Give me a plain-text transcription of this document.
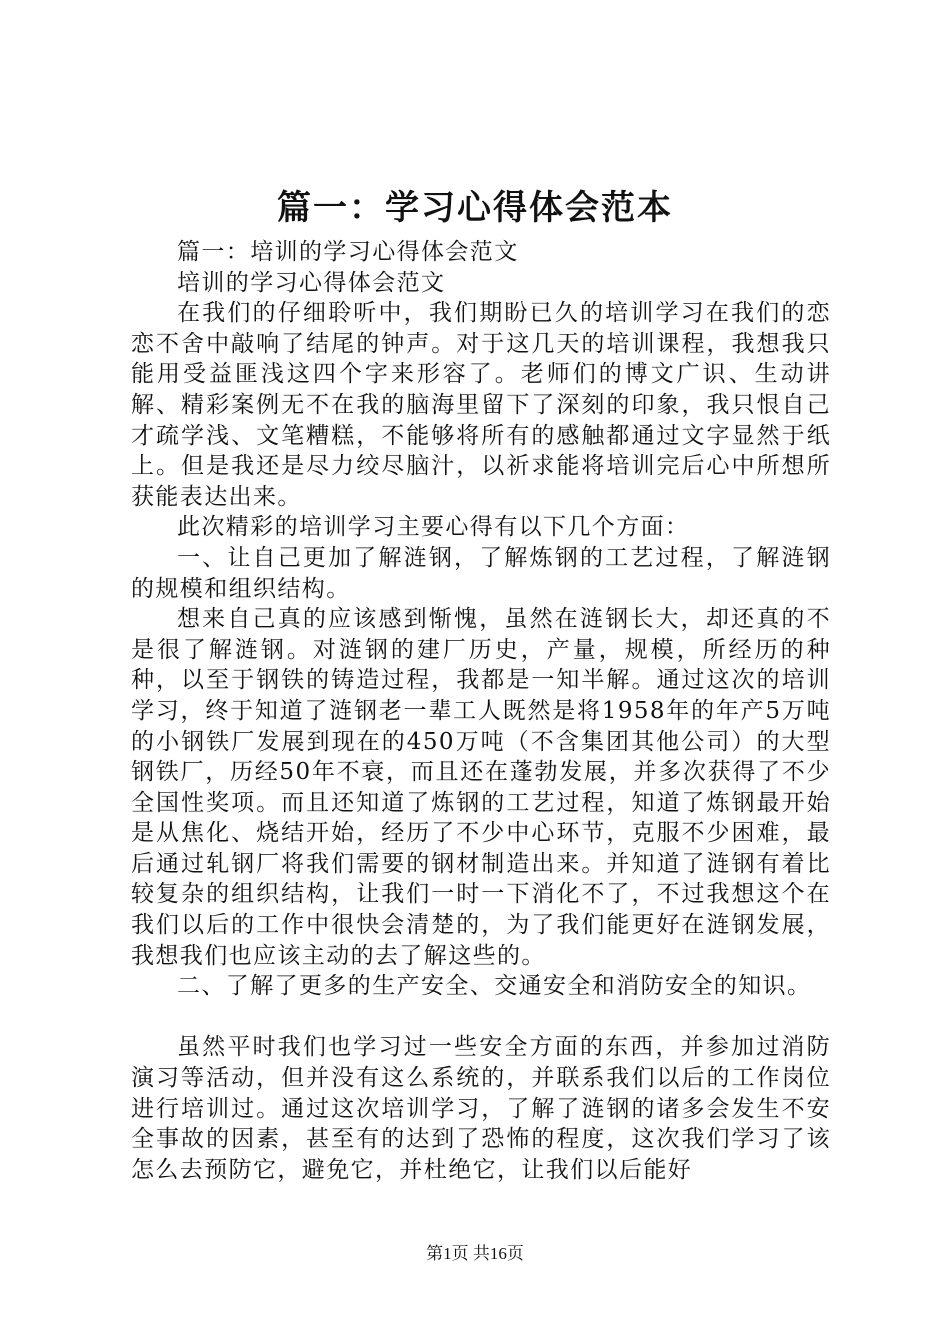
篇一：学习心得体会范本

篇一：培训的学习心得体会范文

培训的学习心得体会范文

在我们的仔细聆听中，我们期盼已久的培训学习在我们的恋恋不舍中敲响了结尾的钟声。对于这几天的培训课程，我想我只能用受益匪浅这四个字来形容了。老师们的博文广识、生动讲解、精彩案例无不在我的脑海里留下了深刻的印象，我只恨自己才疏学浅、文笔糟糕，不能够将所有的感触都通过文字显然于纸上。但是我还是尽力绞尽脑汁，以祈求能将培训完后心中所想所获能表达出来。

此次精彩的培训学习主要心得有以下几个方面：

一、让自己更加了解涟钢，了解炼钢的工艺过程，了解涟钢的规模和组织结构。

想来自己真的应该感到惭愧，虽然在涟钢长大，却还真的不是很了解涟钢。对涟钢的建厂历史，产量，规模，所经历的种种，以至于钢铁的铸造过程，我都是一知半解。通过这次的培训学习，终于知道了涟钢老一辈工人既然是将1958年的年产5万吨的小钢铁厂发展到现在的450万吨（不含集团其他公司）的大型钢铁厂，历经50年不衰，而且还在蓬勃发展，并多次获得了不少全国性奖项。而且还知道了炼钢的工艺过程，知道了炼钢最开始是从焦化、烧结开始，经历了不少中心环节，克服不少困难，最后通过轧钢厂将我们需要的钢材制造出来。并知道了涟钢有着比较复杂的组织结构，让我们一时一下消化不了，不过我想这个在我们以后的工作中很快会清楚的，为了我们能更好在涟钢发展，我想我们也应该主动的去了解这些的。

二、了解了更多的生产安全、交通安全和消防安全的知识。

虽然平时我们也学习过一些安全方面的东西，并参加过消防演习等活动，但并没有这么系统的，并联系我们以后的工作岗位进行培训过。通过这次培训学习，了解了涟钢的诸多会发生不安全事故的因素，甚至有的达到了恐怖的程度，这次我们学习了该怎么去预防它，避免它，并杜绝它，让我们以后能好

第1页 共16页
